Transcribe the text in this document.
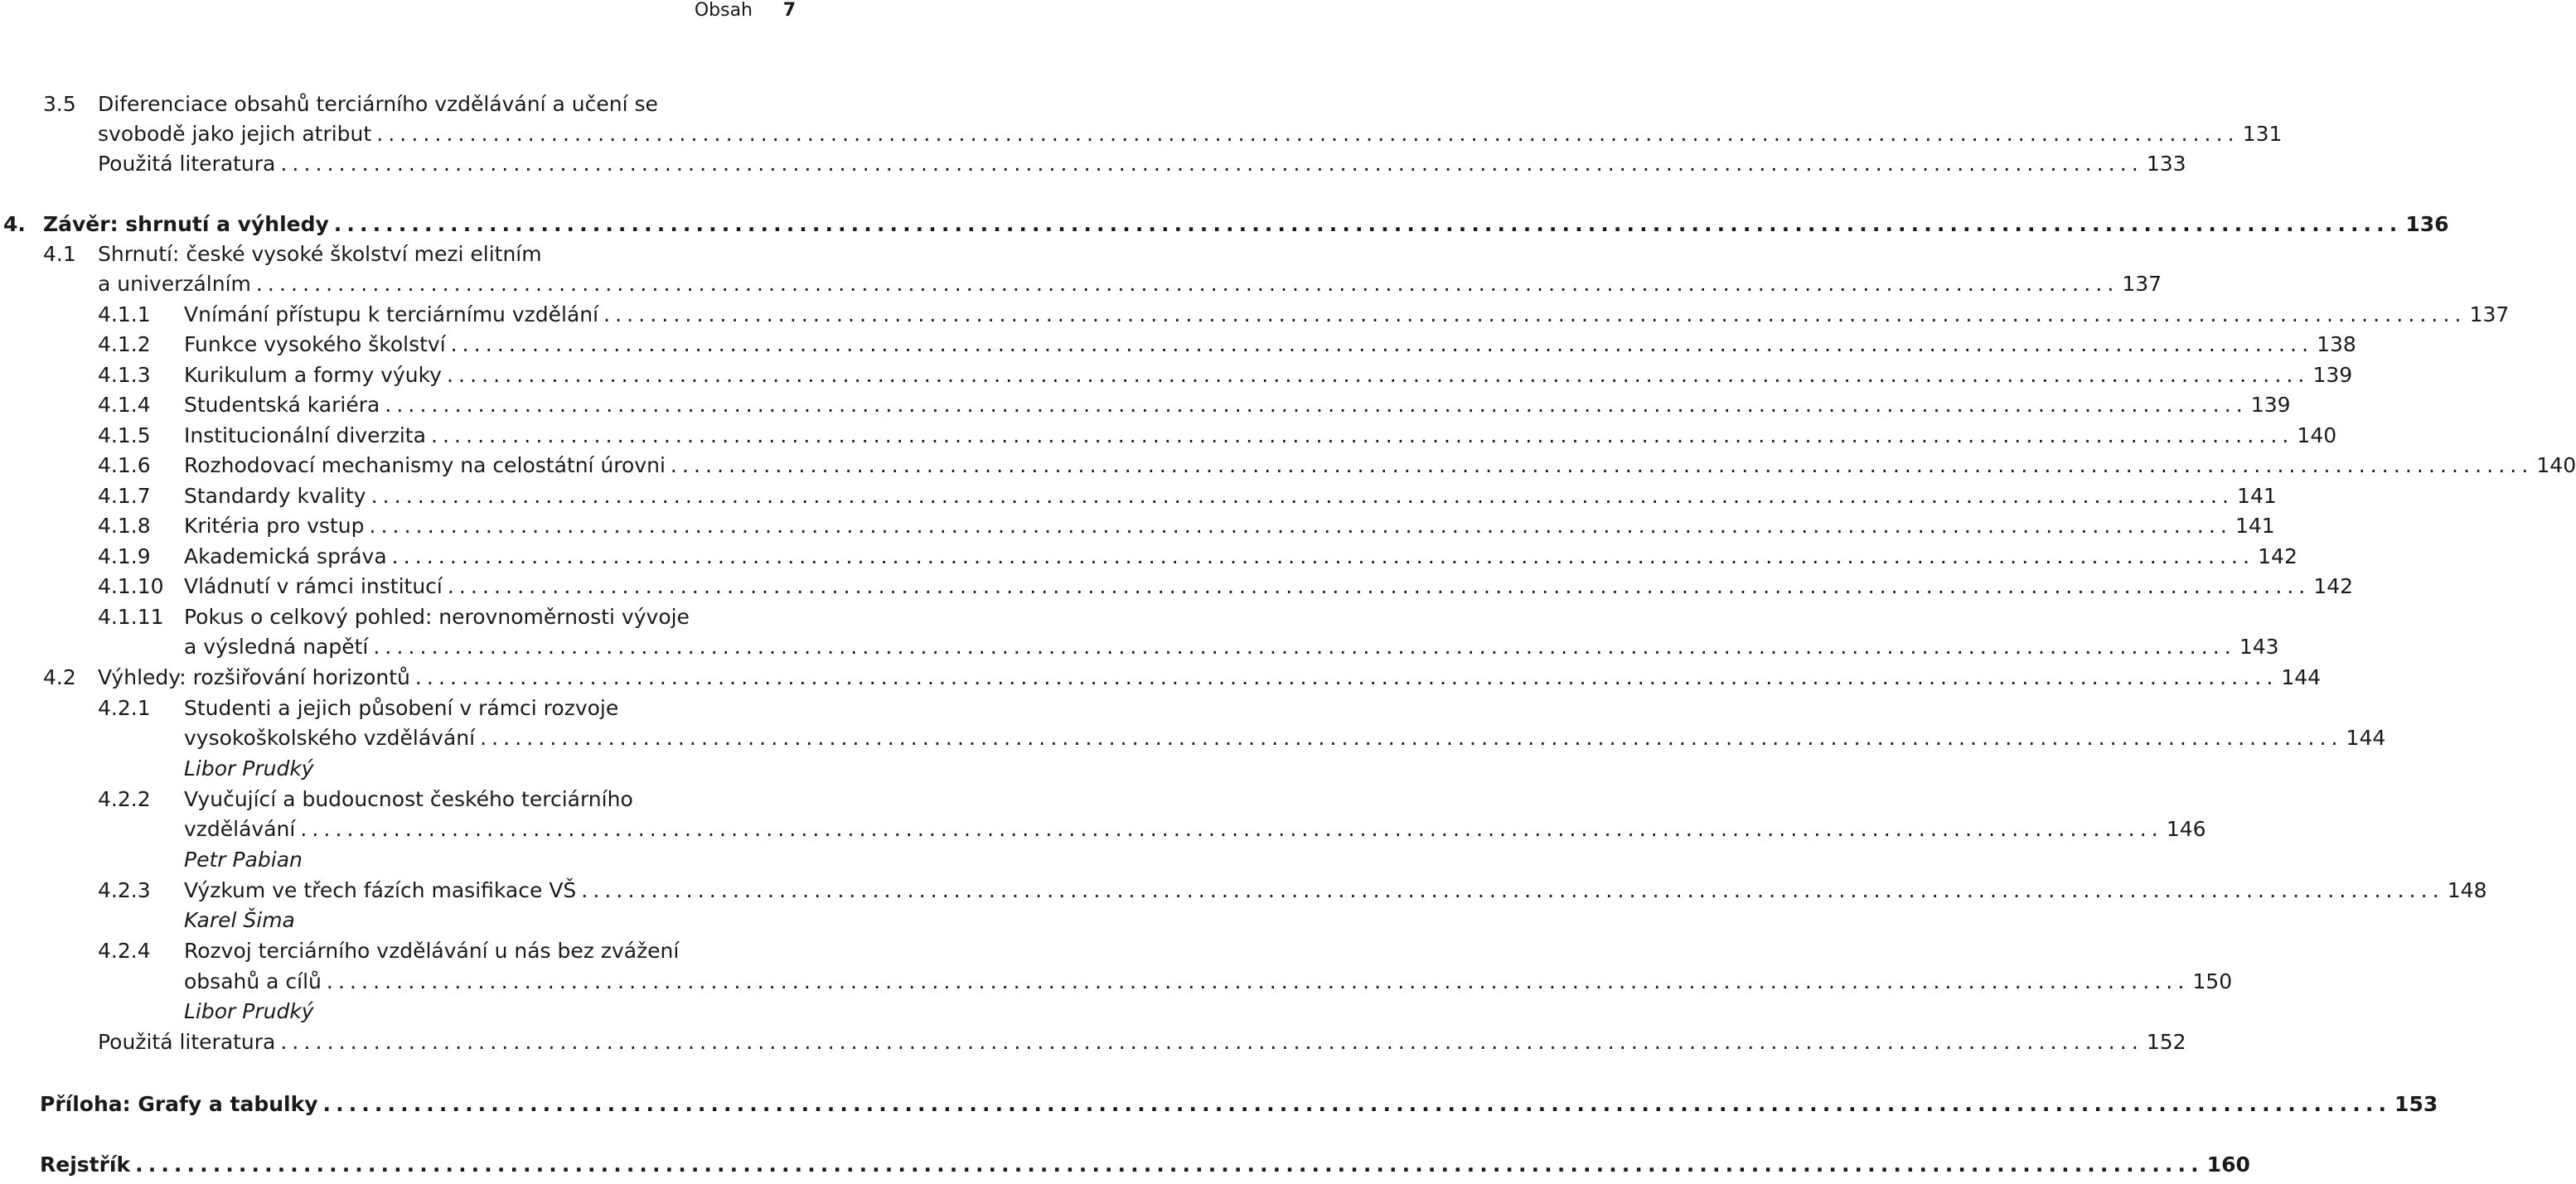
Obsah 7
3.5 Diferenciace obsahů terciárního vzdělávání a učení se
svobodě jako jejich atribut ................................................................................................................................................................ 131
Použitá literatura ................................................................................................................................................................ 133
4. Závěr: shrnutí a výhledy ................................................................................................................................................................ 136
4.1 Shrnutí: české vysoké školství mezi elitním
a univerzálním ................................................................................................................................................................ 137
4.1.1 Vnímání přístupu k terciárnímu vzdělání ................................................................................................................................................................ 137
4.1.2 Funkce vysokého školství ................................................................................................................................................................ 138
4.1.3 Kurikulum a formy výuky ................................................................................................................................................................ 139
4.1.4 Studentská kariéra ................................................................................................................................................................ 139
4.1.5 Institucionální diverzita ................................................................................................................................................................ 140
4.1.6 Rozhodovací mechanismy na celostátní úrovni ................................................................................................................................................................ 140
4.1.7 Standardy kvality ................................................................................................................................................................ 141
4.1.8 Kritéria pro vstup ................................................................................................................................................................ 141
4.1.9 Akademická správa ................................................................................................................................................................ 142
4.1.10 Vládnutí v rámci institucí ................................................................................................................................................................ 142
4.1.11 Pokus o celkový pohled: nerovnoměrnosti vývoje
a výsledná napětí ................................................................................................................................................................ 143
4.2 Výhledy: rozšiřování horizontů ................................................................................................................................................................ 144
4.2.1 Studenti a jejich působení v rámci rozvoje
vysokoškolského vzdělávání ................................................................................................................................................................ 144
Libor Prudký
4.2.2 Vyučující a budoucnost českého terciárního
vzdělávání ................................................................................................................................................................ 146
Petr Pabian
4.2.3 Výzkum ve třech fázích masifikace VŠ ................................................................................................................................................................ 148
Karel Šima
4.2.4 Rozvoj terciárního vzdělávání u nás bez zvážení
obsahů a cílů ................................................................................................................................................................ 150
Libor Prudký
Použitá literatura ................................................................................................................................................................ 152
Příloha: Grafy a tabulky ................................................................................................................................................................ 153
Rejstřík ................................................................................................................................................................ 160
